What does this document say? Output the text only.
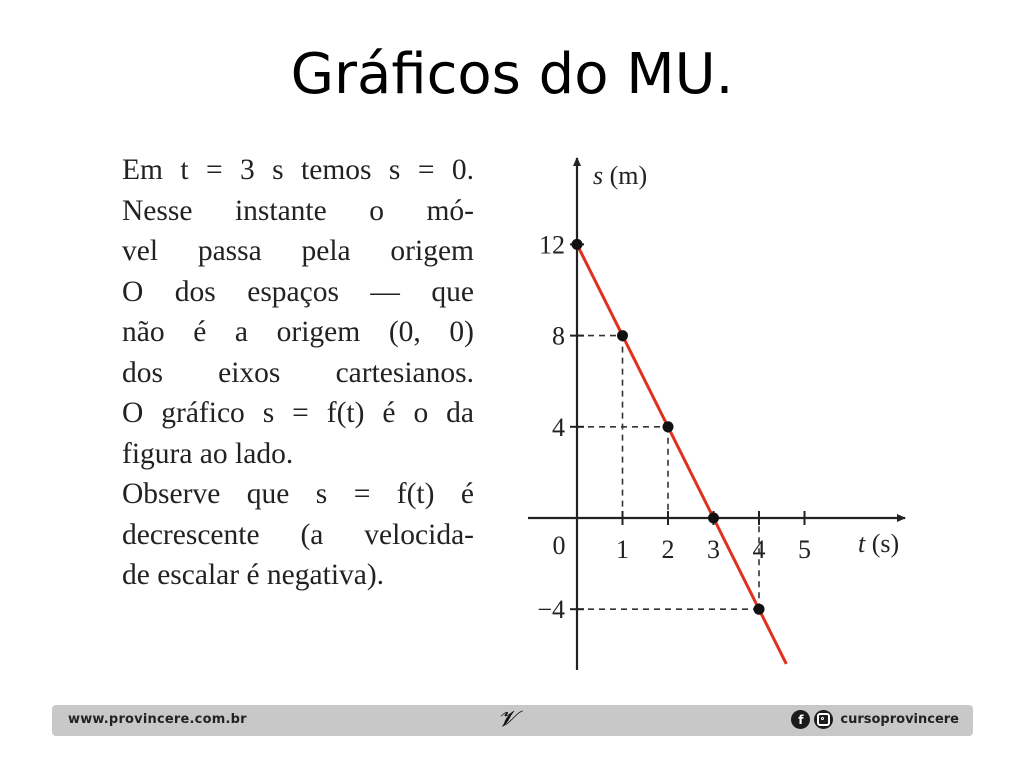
Gráficos do MU.
Em t = 3 s temos s = 0.
Nesse instante o mó-
vel passa pela origem
O dos espaços — que
não é a origem (0, 0)
dos eixos cartesianos.
O gráfico s = f(t) é o da
figura ao lado.
Observe que s = f(t) é
decrescente (a velocida-
de escalar é negativa).
1 2 3 4 5
12
8
4
−4
s (m)
t (s)
0
www.provincere.com.br	𝓥	f	cursoprovincere
